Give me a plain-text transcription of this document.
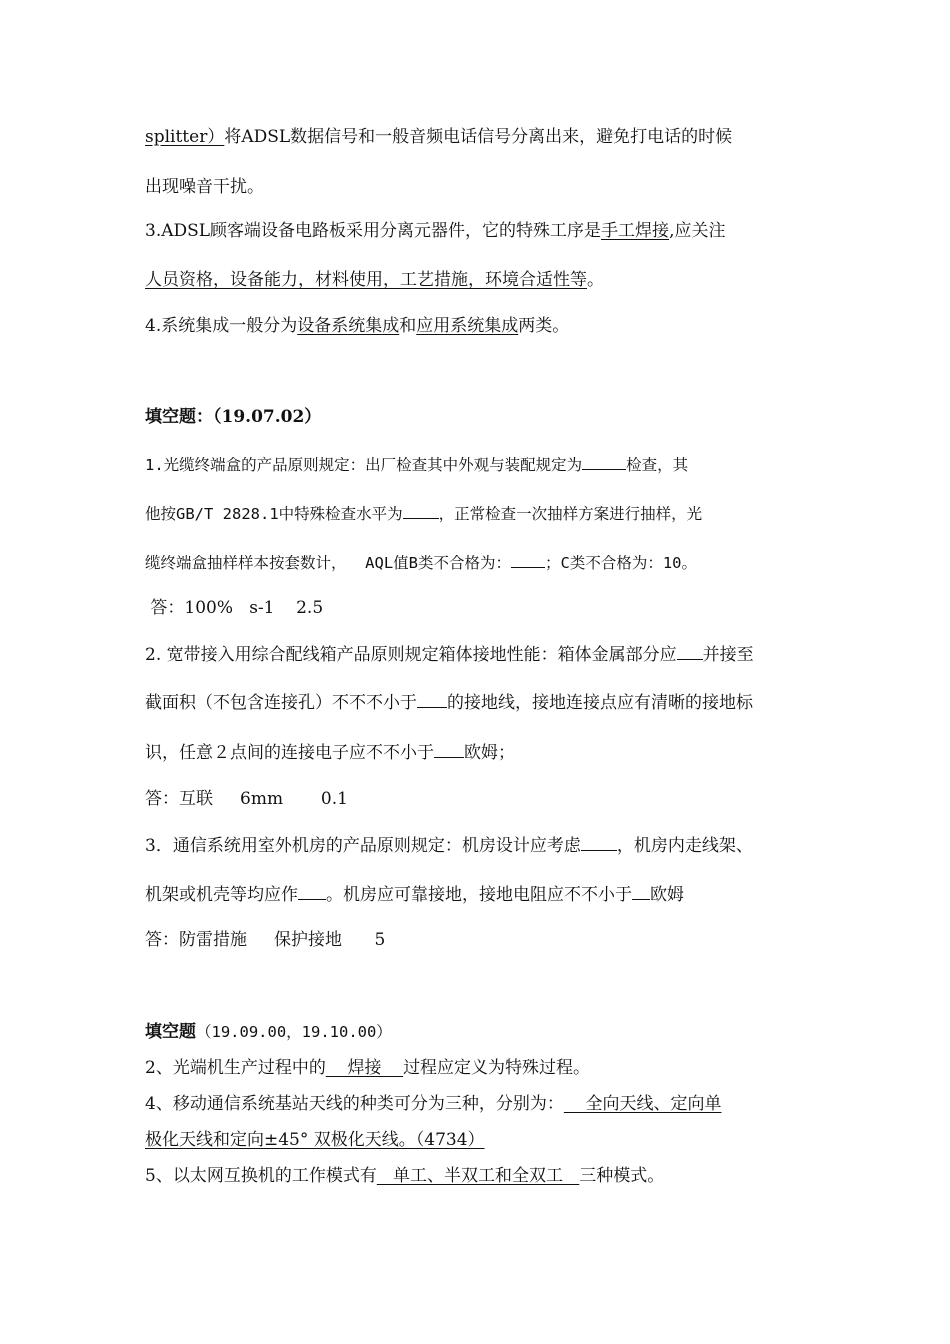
splitter）将ADSL数据信号和一般音频电话信号分离出来，避免打电话的时候
出现噪音干扰。
3.ADSL顾客端设备电路板采用分离元器件，它的特殊工序是手工焊接,应关注
人员资格，设备能力，材料使用，工艺措施，环境合适性等。
4.系统集成一般分为设备系统集成和应用系统集成两类。
填空题：（19.07.02）
1.光缆终端盒的产品原则规定：出厂检查其中外观与装配规定为	检查，其
他按GB/T 2828.1中特殊检查水平为 ，正常检查一次抽样方案进行抽样，光
缆终端盒抽样样本按套数计，  AQL值B类不合格为： ；C类不合格为：10。
答：100%   s-1    2.5
2. 宽带接入用综合配线箱产品原则规定箱体接地性能：箱体金属部分应 并接至
截面积（不包含连接孔）不不不小于 的接地线，接地连接点应有清晰的接地标
识，任意２点间的连接电子应不不小于 欧姆；
答：互联     6mm       0.1
3．通信系统用室外机房的产品原则规定：机房设计应考虑 ，机房内走线架、
机架或机壳等均应作 。机房应可靠接地，接地电阻应不不小于 欧姆
答：防雷措施     保护接地      5
填空题（19.09.00，19.10.00）
2、光端机生产过程中的    焊接    过程应定义为特殊过程。
4、移动通信系统基站天线的种类可分为三种，分别为：    全向天线、定向单
极化天线和定向±45° 双极化天线。（4734）
5、以太网互换机的工作模式有   单工、半双工和全双工   三种模式。
